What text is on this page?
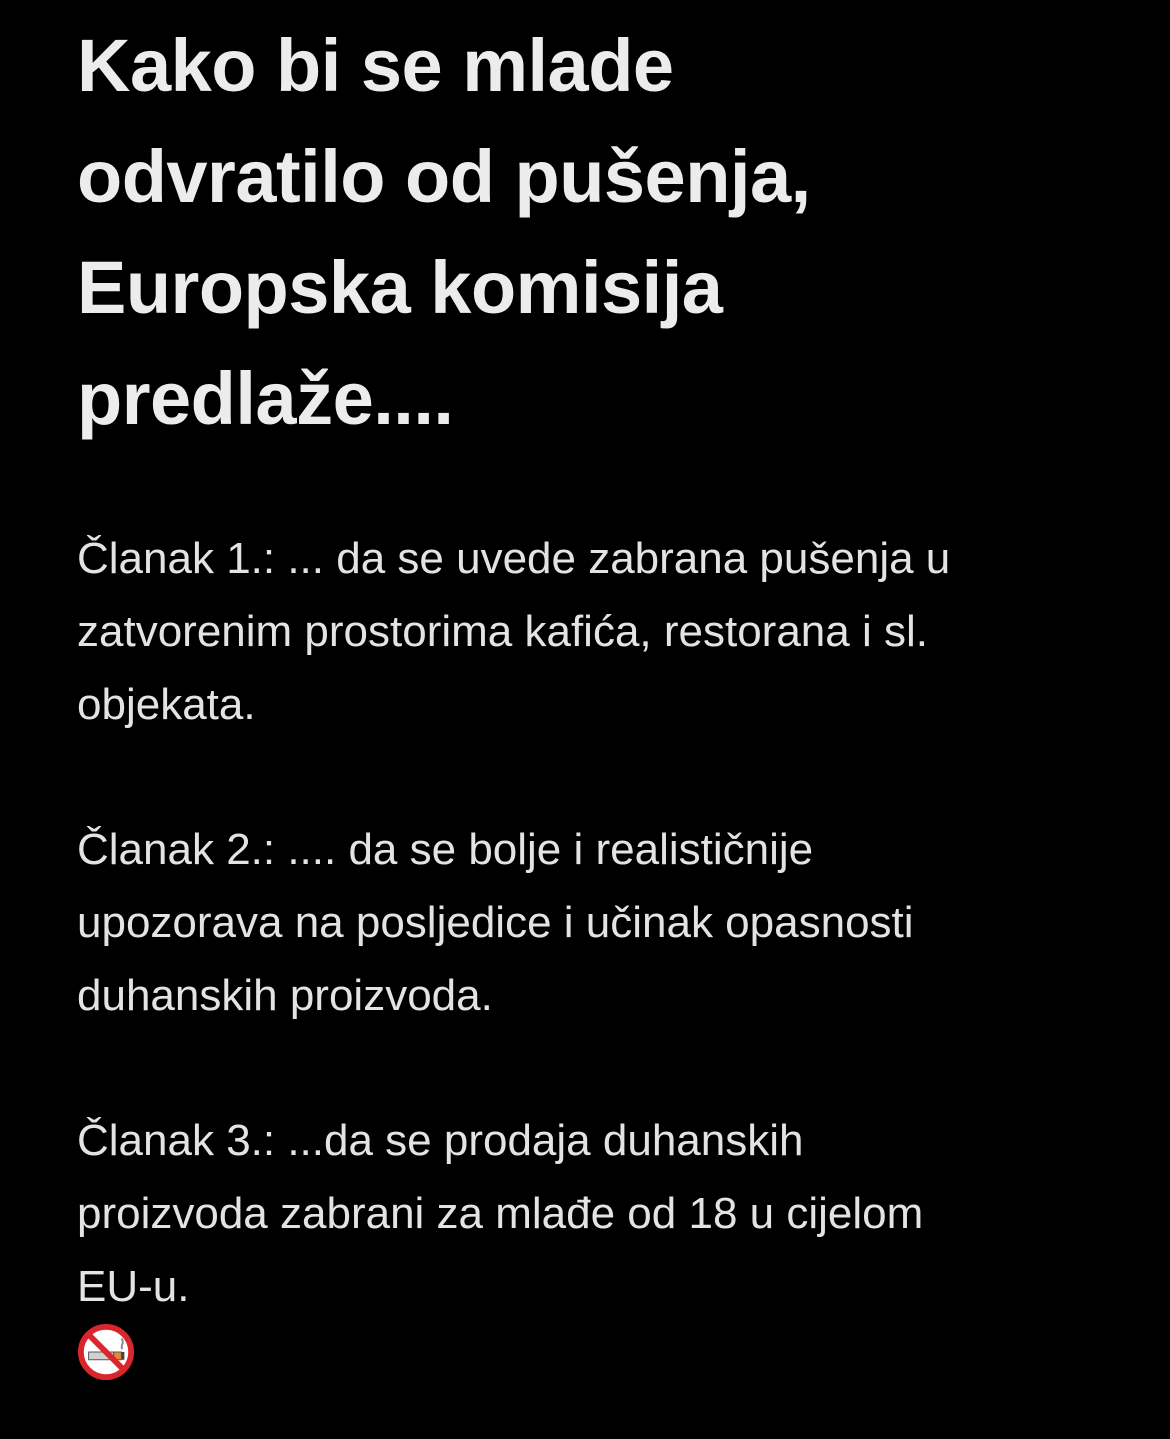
Kako bi se mlade
odvratilo od pušenja,
Europska komisija
predlaže....

Članak 1.: ... da se uvede zabrana pušenja u
zatvorenim prostorima kafića, restorana i sl.
objekata.

Članak 2.: .... da se bolje i realističnije
upozorava na posljedice i učinak opasnosti
duhanskih proizvoda.

Članak 3.: ...da se prodaja duhanskih
proizvoda zabrani za mlađe od 18 u cijelom
EU-u.
